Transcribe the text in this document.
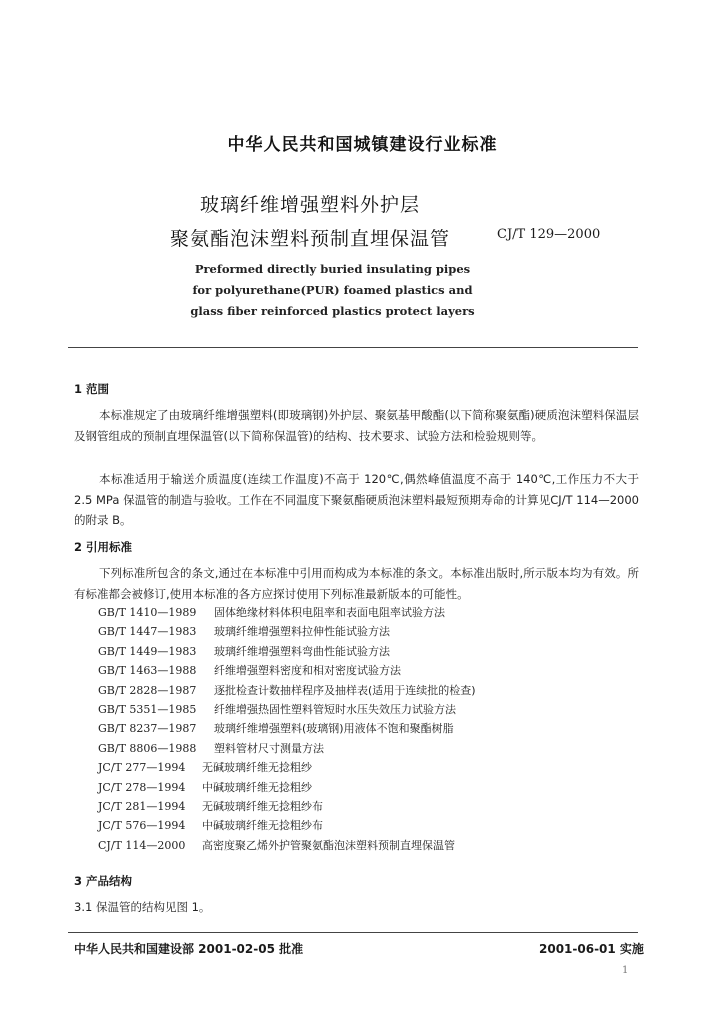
中华人民共和国城镇建设行业标准
玻璃纤维增强塑料外护层
聚氨酯泡沫塑料预制直埋保温管	CJ/T 129—2000
Preformed directly buried insulating pipes
for polyurethane(PUR) foamed plastics and
glass fiber reinforced plastics protect layers
1 范围
本标准规定了由玻璃纤维增强塑料(即玻璃钢)外护层、聚氨基甲酸酯(以下简称聚氨酯)硬质泡沫塑料保温层及钢管组成的预制直埋保温管(以下简称保温管)的结构、技术要求、试验方法和检验规则等。
本标准适用于输送介质温度(连续工作温度)不高于 120℃,偶然峰值温度不高于 140℃,工作压力不大于 2.5 MPa 保温管的制造与验收。工作在不同温度下聚氨酯硬质泡沫塑料最短预期寿命的计算见CJ/T 114—2000 的附录 B。
2 引用标准
下列标准所包含的条文,通过在本标准中引用而构成为本标准的条文。本标准出版时,所示版本均为有效。所有标准都会被修订,使用本标准的各方应探讨使用下列标准最新版本的可能性。
GB/T 1410—1989 固体绝缘材料体积电阻率和表面电阻率试验方法
GB/T 1447—1983 玻璃纤维增强塑料拉伸性能试验方法
GB/T 1449—1983 玻璃纤维增强塑料弯曲性能试验方法
GB/T 1463—1988 纤维增强塑料密度和相对密度试验方法
GB/T 2828—1987 逐批检查计数抽样程序及抽样表(适用于连续批的检查)
GB/T 5351—1985 纤维增强热固性塑料管短时水压失效压力试验方法
GB/T 8237—1987 玻璃纤维增强塑料(玻璃钢)用液体不饱和聚酯树脂
GB/T 8806—1988 塑料管材尺寸测量方法
JC/T 277—1994 无碱玻璃纤维无捻粗纱
JC/T 278—1994 中碱玻璃纤维无捻粗纱
JC/T 281—1994 无碱玻璃纤维无捻粗纱布
JC/T 576—1994 中碱玻璃纤维无捻粗纱布
CJ/T 114—2000 高密度聚乙烯外护管聚氨酯泡沫塑料预制直埋保温管
3 产品结构
3.1 保温管的结构见图 1。
中华人民共和国建设部 2001-02-05 批准	2001-06-01 实施
1
